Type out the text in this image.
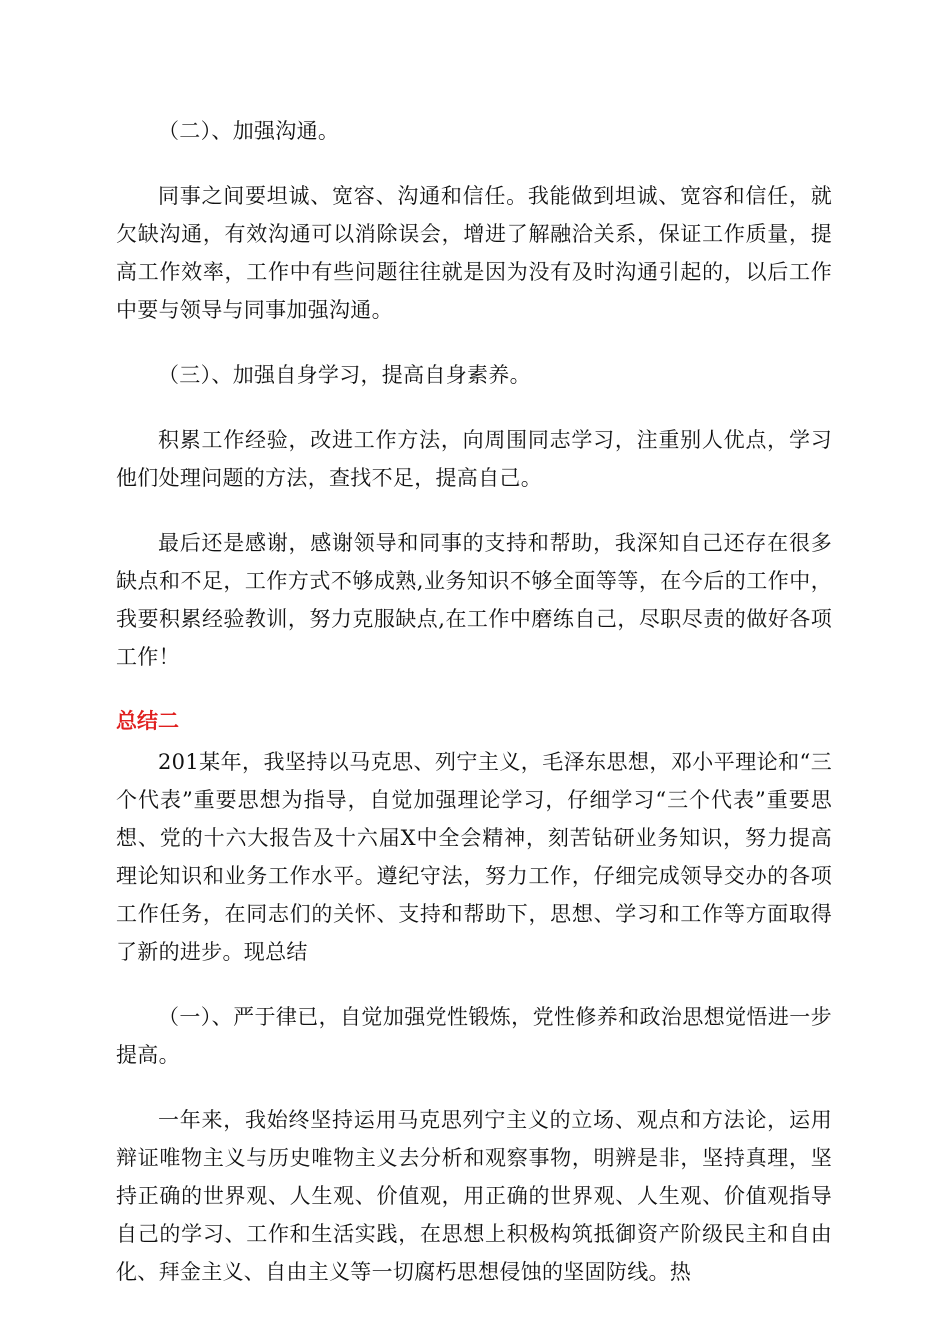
（二）、加强沟通。

同事之间要坦诚、宽容、沟通和信任。我能做到坦诚、宽容和信任，就欠缺沟通，有效沟通可以消除误会，增进了解融洽关系，保证工作质量，提高工作效率，工作中有些问题往往就是因为没有及时沟通引起的，以后工作中要与领导与同事加强沟通。

（三）、加强自身学习，提高自身素养。

积累工作经验，改进工作方法，向周围同志学习，注重别人优点，学习他们处理问题的方法，查找不足，提高自己。

最后还是感谢，感谢领导和同事的支持和帮助，我深知自己还存在很多缺点和不足，工作方式不够成熟,业务知识不够全面等等，在今后的工作中，我要积累经验教训，努力克服缺点,在工作中磨练自己，尽职尽责的做好各项工作！

总结二

201某年，我坚持以马克思、列宁主义，毛泽东思想，邓小平理论和“三个代表”重要思想为指导，自觉加强理论学习，仔细学习“三个代表”重要思想、党的十六大报告及十六届X中全会精神，刻苦钻研业务知识，努力提高理论知识和业务工作水平。遵纪守法，努力工作，仔细完成领导交办的各项工作任务，在同志们的关怀、支持和帮助下，思想、学习和工作等方面取得了新的进步。现总结

（一）、严于律已，自觉加强党性锻炼，党性修养和政治思想觉悟进一步提高。

一年来，我始终坚持运用马克思列宁主义的立场、观点和方法论，运用辩证唯物主义与历史唯物主义去分析和观察事物，明辨是非，坚持真理，坚持正确的世界观、人生观、价值观，用正确的世界观、人生观、价值观指导自己的学习、工作和生活实践，在思想上积极构筑抵御资产阶级民主和自由化、拜金主义、自由主义等一切腐朽思想侵蚀的坚固防线。热
